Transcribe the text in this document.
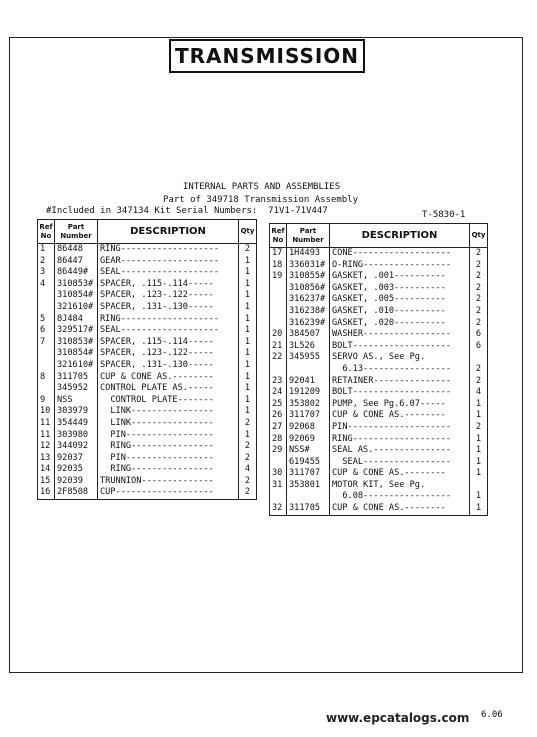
TRANSMISSION
INTERNAL PARTS AND ASSEMBLIES
Part of 349718 Transmission Assembly
#Included in 347134 Kit Serial Numbers:  71V1-71V447	T-5830-1
Ref No	Part Number	DESCRIPTION	Qty
1	86448	RING-------------------	2
2	86447	GEAR-------------------	1
3	86449#	SEAL-------------------	1
4	310853#	SPACER, .115-.114-----	1
	310854#	SPACER, .123-.122-----	1
	321610#	SPACER, .131-.130-----	1
5	8J484	RING-------------------	1
6	329517#	SEAL-------------------	1
7	310853#	SPACER, .115-.114-----	1
	310854#	SPACER, .123-.122-----	1
	321610#	SPACER, .131-.130-----	1
8	311705	CUP & CONE AS.--------	1
	345952	CONTROL PLATE AS.-----	1
9	NSS	CONTROL PLATE-------	1
10	303979	LINK----------------	1
11	354449	LINK----------------	2
11	303980	PIN-----------------	1
12	344092	RING----------------	2
13	92037	PIN-----------------	2
14	92035	RING----------------	4
15	92039	TRUNNION--------------	2
16	2F8508	CUP-------------------	2
Ref No	Part Number	DESCRIPTION	Qty
17	1H4493	CONE-------------------	2
18	336031#	O-RING-----------------	2
19	310855#	GASKET, .001----------	2
	310856#	GASKET, .003----------	2
	316237#	GASKET, .005----------	2
	316238#	GASKET, .010----------	2
	316239#	GASKET, .020----------	2
20	384507	WASHER-----------------	6
21	3L526	BOLT-------------------	6
22	345955	SERVO AS., See Pg.	
		6.13-----------------	2
23	92041	RETAINER---------------	2
24	191209	BOLT-------------------	4
25	353802	PUMP, See Pg.6.07-----	1
26	311707	CUP & CONE AS.--------	1
27	92068	PIN--------------------	2
28	92069	RING-------------------	1
29	NSS#	SEAL AS.---------------	1
	619455	SEAL-----------------	1
30	311707	CUP & CONE AS.--------	1
31	353801	MOTOR KIT, See Pg.	
		6.08-----------------	1
32	311705	CUP & CONE AS.--------	1
www.epcatalogs.com 6.06
